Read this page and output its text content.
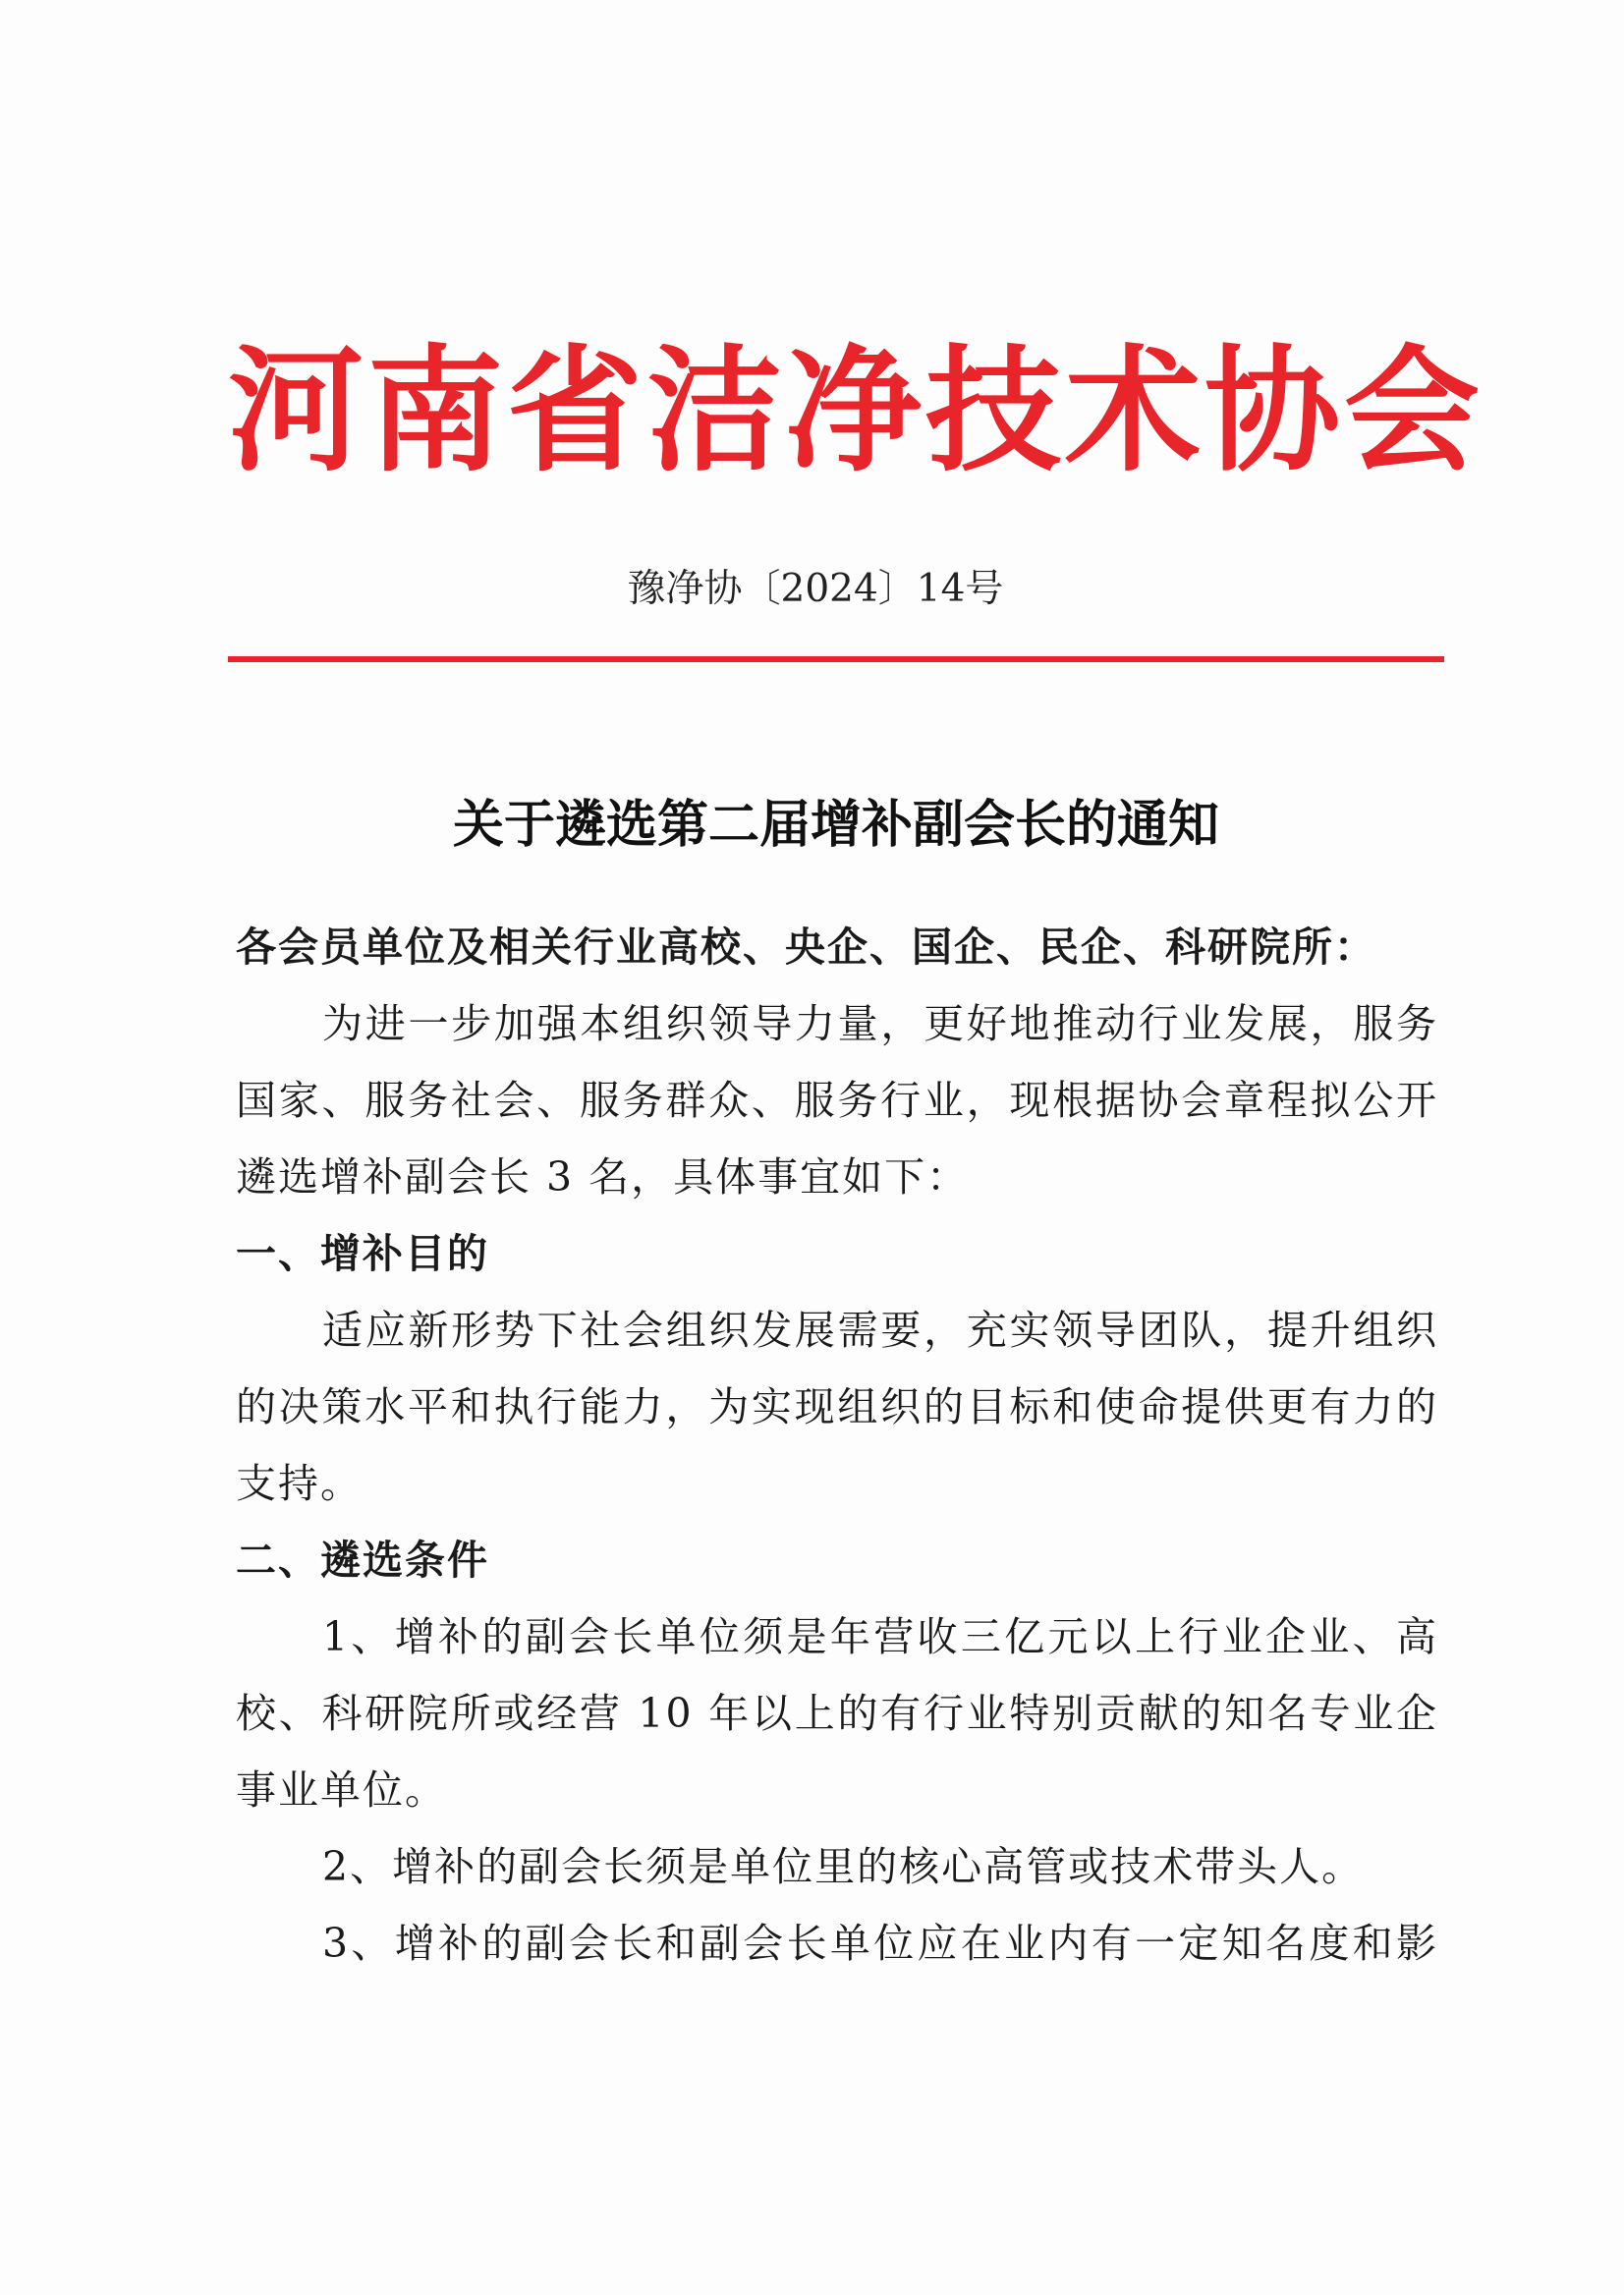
河南省洁净技术协会
豫净协〔2024〕14号
关于遴选第二届增补副会长的通知
各会员单位及相关行业高校、央企、国企、民企、科研院所：
为进一步加强本组织领导力量，更好地推动行业发展，服务
国家、服务社会、服务群众、服务行业，现根据协会章程拟公开
遴选增补副会长 3 名，具体事宜如下：
一、增补目的
适应新形势下社会组织发展需要，充实领导团队，提升组织
的决策水平和执行能力，为实现组织的目标和使命提供更有力的
支持。
二、遴选条件
1、增补的副会长单位须是年营收三亿元以上行业企业、高
校、科研院所或经营 10 年以上的有行业特别贡献的知名专业企
事业单位。
2、增补的副会长须是单位里的核心高管或技术带头人。
3、增补的副会长和副会长单位应在业内有一定知名度和影
